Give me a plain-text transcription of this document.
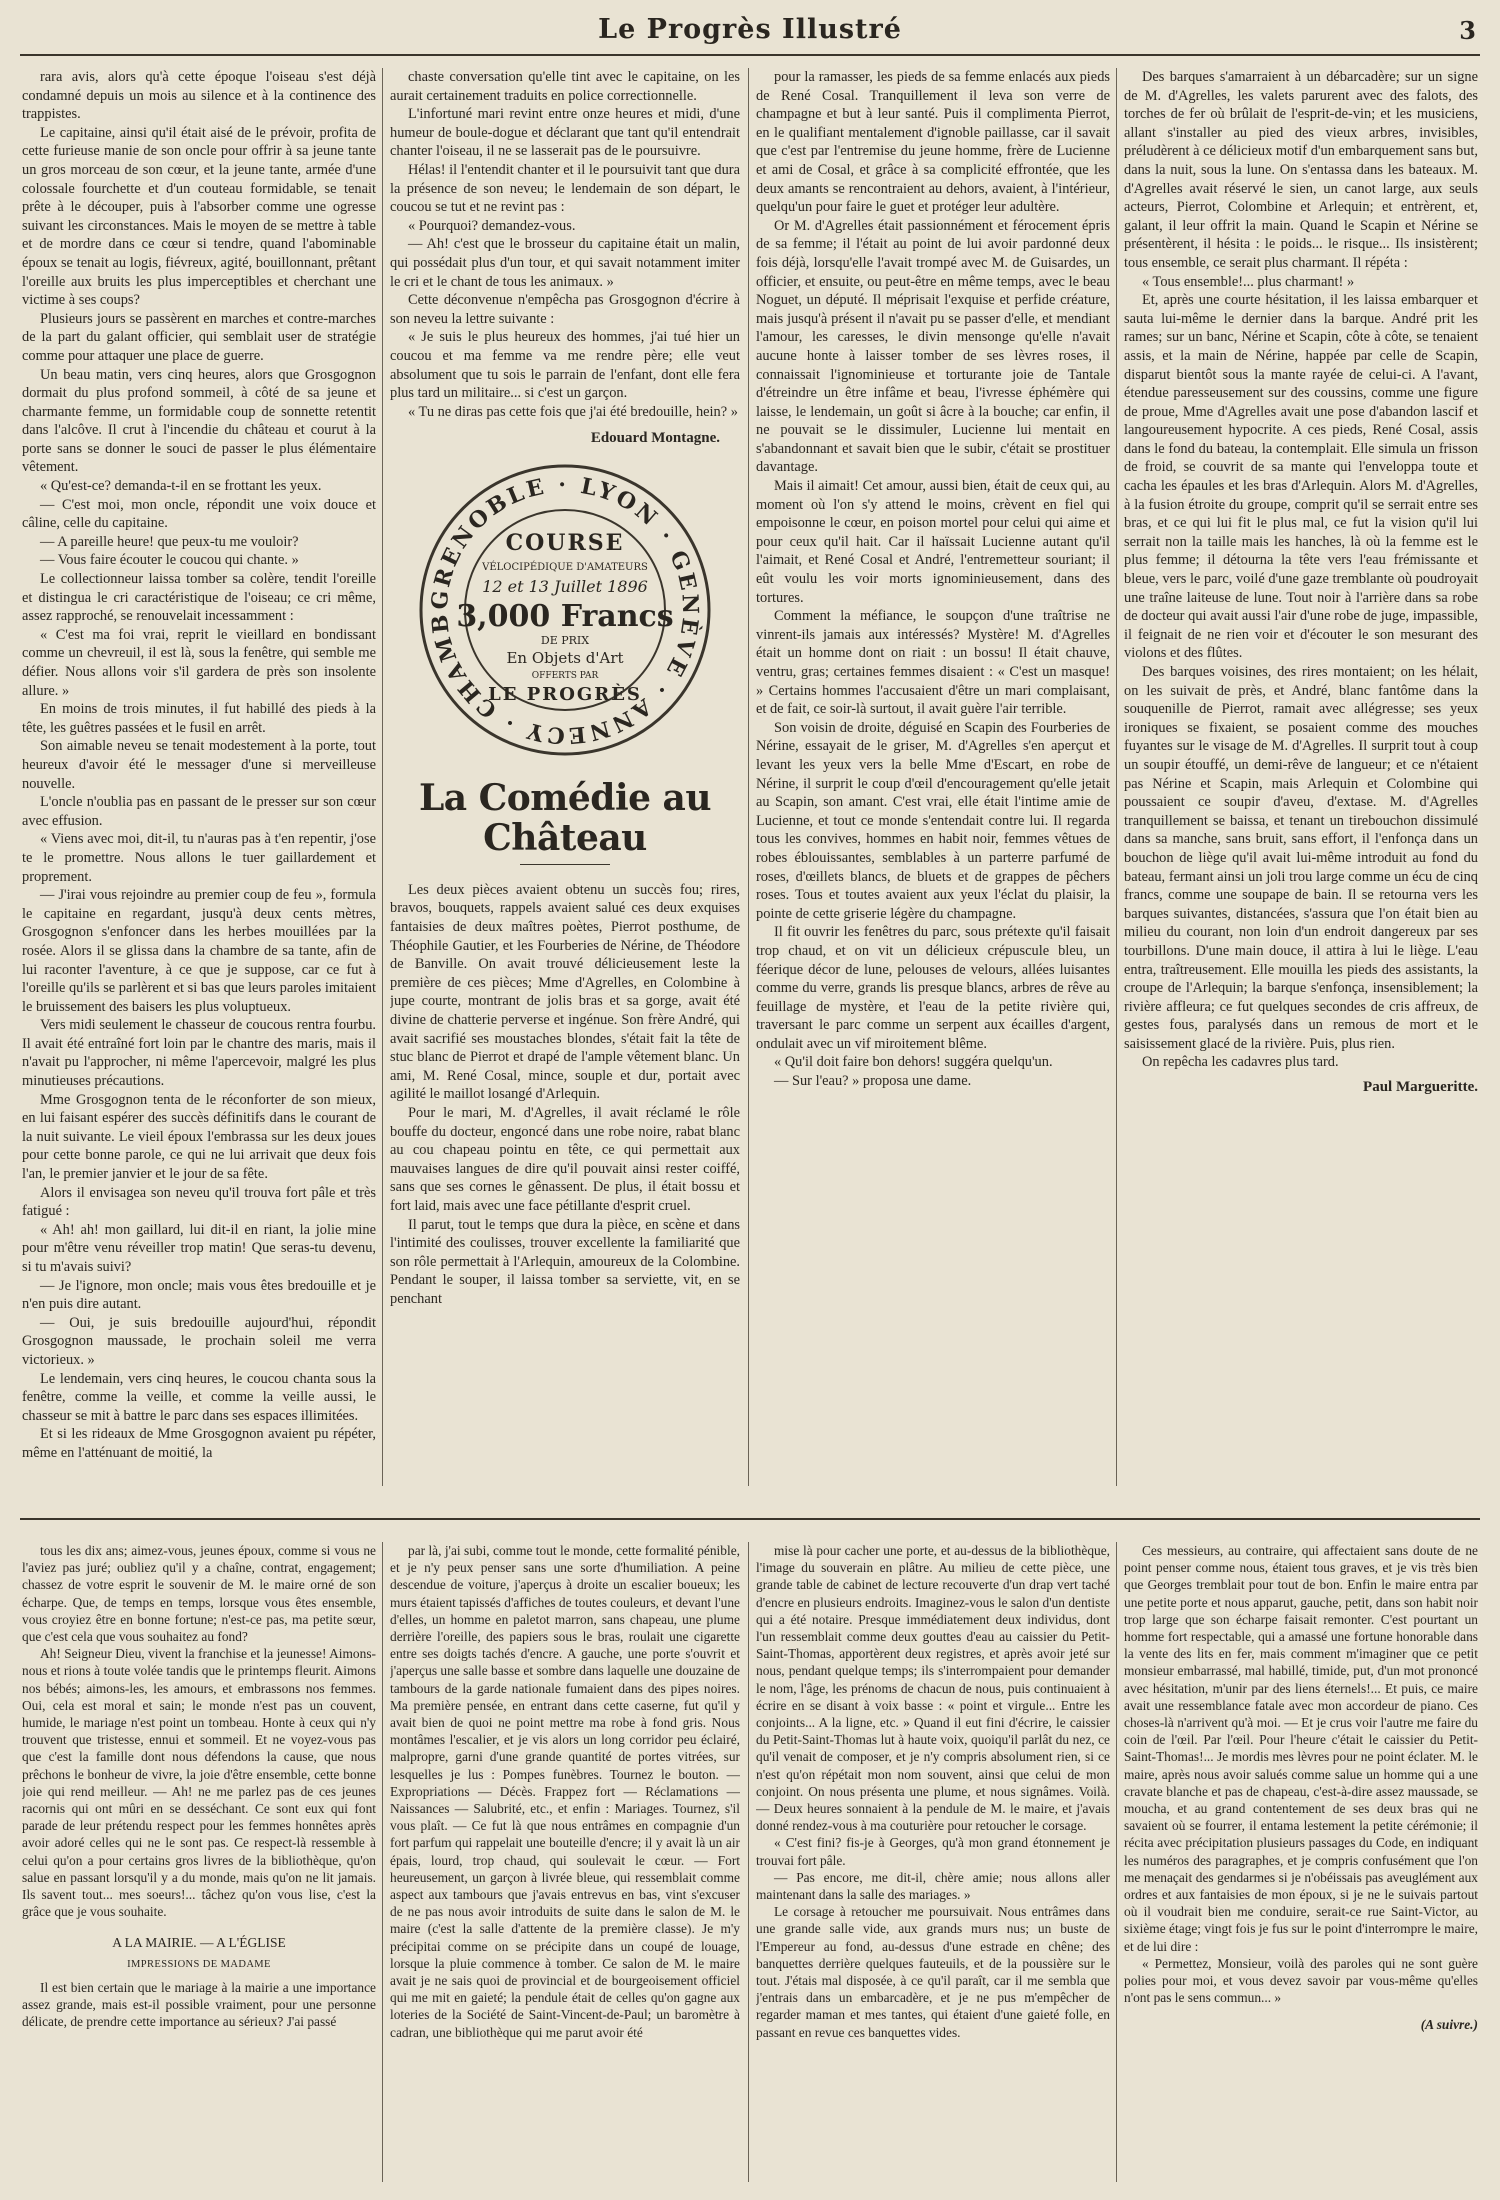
Le Progrès Illustré	3

rara avis, alors qu'à cette époque l'oiseau s'est déjà condamné depuis un mois au silence et à la continence des trappistes.

Le capitaine, ainsi qu'il était aisé de le prévoir, profita de cette furieuse manie de son oncle pour offrir à sa jeune tante un gros morceau de son cœur, et la jeune tante, armée d'une colossale fourchette et d'un couteau formidable, se tenait prête à le découper, puis à l'absorber comme une ogresse suivant les circonstances. Mais le moyen de se mettre à table et de mordre dans ce cœur si tendre, quand l'abominable époux se tenait au logis, fiévreux, agité, bouillonnant, prêtant l'oreille aux bruits les plus imperceptibles et cherchant une victime à ses coups?

Plusieurs jours se passèrent en marches et contre-marches de la part du galant officier, qui semblait user de stratégie comme pour attaquer une place de guerre.

Un beau matin, vers cinq heures, alors que Grosgognon dormait du plus profond sommeil, à côté de sa jeune et charmante femme, un formidable coup de sonnette retentit dans l'alcôve. Il crut à l'incendie du château et courut à la porte sans se donner le souci de passer le plus élémentaire vêtement.

« Qu'est-ce? demanda-t-il en se frottant les yeux.

— C'est moi, mon oncle, répondit une voix douce et câline, celle du capitaine.

— A pareille heure! que peux-tu me vouloir?

— Vous faire écouter le coucou qui chante. »

Le collectionneur laissa tomber sa colère, tendit l'oreille et distingua le cri caractéristique de l'oiseau; ce cri même, assez rapproché, se renouvelait incessamment :

« C'est ma foi vrai, reprit le vieillard en bondissant comme un chevreuil, il est là, sous la fenêtre, qui semble me défier. Nous allons voir s'il gardera de près son insolente allure. »

En moins de trois minutes, il fut habillé des pieds à la tête, les guêtres passées et le fusil en arrêt.

Son aimable neveu se tenait modestement à la porte, tout heureux d'avoir été le messager d'une si merveilleuse nouvelle.

L'oncle n'oublia pas en passant de le presser sur son cœur avec effusion.

« Viens avec moi, dit-il, tu n'auras pas à t'en repentir, j'ose te le promettre. Nous allons le tuer gaillardement et proprement.

— J'irai vous rejoindre au premier coup de feu », formula le capitaine en regardant, jusqu'à deux cents mètres, Grosgognon s'enfoncer dans les herbes mouillées par la rosée. Alors il se glissa dans la chambre de sa tante, afin de lui raconter l'aventure, à ce que je suppose, car ce fut à l'oreille qu'ils se parlèrent et si bas que leurs paroles imitaient le bruissement des baisers les plus voluptueux.

Vers midi seulement le chasseur de coucous rentra fourbu. Il avait été entraîné fort loin par le chantre des maris, mais il n'avait pu l'approcher, ni même l'apercevoir, malgré les plus minutieuses précautions.

Mme Grosgognon tenta de le réconforter de son mieux, en lui faisant espérer des succès définitifs dans le courant de la nuit suivante. Le vieil époux l'embrassa sur les deux joues pour cette bonne parole, ce qui ne lui arrivait que deux fois l'an, le premier janvier et le jour de sa fête.

Alors il envisagea son neveu qu'il trouva fort pâle et très fatigué :

« Ah! ah! mon gaillard, lui dit-il en riant, la jolie mine pour m'être venu réveiller trop matin! Que seras-tu devenu, si tu m'avais suivi?

— Je l'ignore, mon oncle; mais vous êtes bredouille et je n'en puis dire autant.

— Oui, je suis bredouille aujourd'hui, répondit Grosgognon maussade, le prochain soleil me verra victorieux. »

Le lendemain, vers cinq heures, le coucou chanta sous la fenêtre, comme la veille, et comme la veille aussi, le chasseur se mit à battre le parc dans ses espaces illimitées.

Et si les rideaux de Mme Grosgognon avaient pu répéter, même en l'atténuant de moitié, la

chaste conversation qu'elle tint avec le capitaine, on les aurait certainement traduits en police correctionnelle.

L'infortuné mari revint entre onze heures et midi, d'une humeur de boule-dogue et déclarant que tant qu'il entendrait chanter l'oiseau, il ne se lasserait pas de le poursuivre.

Hélas! il l'entendit chanter et il le poursuivit tant que dura la présence de son neveu; le lendemain de son départ, le coucou se tut et ne revint pas :

« Pourquoi? demandez-vous.

— Ah! c'est que le brosseur du capitaine était un malin, qui possédait plus d'un tour, et qui savait notamment imiter le cri et le chant de tous les animaux. »

Cette déconvenue n'empêcha pas Grosgognon d'écrire à son neveu la lettre suivante :

« Je suis le plus heureux des hommes, j'ai tué hier un coucou et ma femme va me rendre père; elle veut absolument que tu sois le parrain de l'enfant, dont elle fera plus tard un militaire... si c'est un garçon.

« Tu ne diras pas cette fois que j'ai été bredouille, hein? »

Edouard Montagne.
GRENOBLE · LYON · GENÈVE · ANNECY · CHAMB
COURSE
VÉLOCIPÉDIQUE D'AMATEURS
12 et 13 Juillet 1896
3,000 Francs
DE PRIX
En Objets d'Art
OFFERTS PAR
LE PROGRÈS
La Comédie au Château

Les deux pièces avaient obtenu un succès fou; rires, bravos, bouquets, rappels avaient salué ces deux exquises fantaisies de deux maîtres poètes, Pierrot posthume, de Théophile Gautier, et les Fourberies de Nérine, de Théodore de Banville. On avait trouvé délicieusement leste la première de ces pièces; Mme d'Agrelles, en Colombine à jupe courte, montrant de jolis bras et sa gorge, avait été divine de chatterie perverse et ingénue. Son frère André, qui avait sacrifié ses moustaches blondes, s'était fait la tête de stuc blanc de Pierrot et drapé de l'ample vêtement blanc. Un ami, M. René Cosal, mince, souple et dur, portait avec agilité le maillot losangé d'Arlequin.

Pour le mari, M. d'Agrelles, il avait réclamé le rôle bouffe du docteur, engoncé dans une robe noire, rabat blanc au cou chapeau pointu en tête, ce qui permettait aux mauvaises langues de dire qu'il pouvait ainsi rester coiffé, sans que ses cornes le gênassent. De plus, il était bossu et fort laid, mais avec une face pétillante d'esprit cruel.

Il parut, tout le temps que dura la pièce, en scène et dans l'intimité des coulisses, trouver excellente la familiarité que son rôle permettait à l'Arlequin, amoureux de la Colombine. Pendant le souper, il laissa tomber sa serviette, vit, en se penchant

pour la ramasser, les pieds de sa femme enlacés aux pieds de René Cosal. Tranquillement il leva son verre de champagne et but à leur santé. Puis il complimenta Pierrot, en le qualifiant mentalement d'ignoble paillasse, car il savait que c'est par l'entremise du jeune homme, frère de Lucienne et ami de Cosal, et grâce à sa complicité effrontée, que les deux amants se rencontraient au dehors, avaient, à l'intérieur, quelqu'un pour faire le guet et protéger leur adultère.

Or M. d'Agrelles était passionnément et férocement épris de sa femme; il l'était au point de lui avoir pardonné deux fois déjà, lorsqu'elle l'avait trompé avec M. de Guisardes, un officier, et ensuite, ou peut-être en même temps, avec le beau Noguet, un député. Il méprisait l'exquise et perfide créature, mais jusqu'à présent il n'avait pu se passer d'elle, et mendiant l'amour, les caresses, le divin mensonge qu'elle n'avait aucune honte à laisser tomber de ses lèvres roses, il connaissait l'ignominieuse et torturante joie de Tantale d'étreindre un être infâme et beau, l'ivresse éphémère qui laisse, le lendemain, un goût si âcre à la bouche; car enfin, il ne pouvait se le dissimuler, Lucienne lui mentait en s'abandonnant et savait bien que le subir, c'était se prostituer davantage.

Mais il aimait! Cet amour, aussi bien, était de ceux qui, au moment où l'on s'y attend le moins, crèvent en fiel qui empoisonne le cœur, en poison mortel pour celui qui aime et pour ceux qu'il hait. Car il haïssait Lucienne autant qu'il l'aimait, et René Cosal et André, l'entremetteur souriant; il eût voulu les voir morts ignominieusement, dans des tortures.

Comment la méfiance, le soupçon d'une traîtrise ne vinrent-ils jamais aux intéressés? Mystère! M. d'Agrelles était un homme dont on riait : un bossu! Il était chauve, ventru, gras; certaines femmes disaient : « C'est un masque! » Certains hommes l'accusaient d'être un mari complaisant, et de fait, ce soir-là surtout, il avait guère l'air terrible.

Son voisin de droite, déguisé en Scapin des Fourberies de Nérine, essayait de le griser, M. d'Agrelles s'en aperçut et levant les yeux vers la belle Mme d'Escart, en robe de Nérine, il surprit le coup d'œil d'encouragement qu'elle jetait au Scapin, son amant. C'est vrai, elle était l'intime amie de Lucienne, et tout ce monde s'entendait contre lui. Il regarda tous les convives, hommes en habit noir, femmes vêtues de robes éblouissantes, semblables à un parterre parfumé de roses, d'œillets blancs, de bluets et de grappes de pêchers roses. Tous et toutes avaient aux yeux l'éclat du plaisir, la pointe de cette griserie légère du champagne.

Il fit ouvrir les fenêtres du parc, sous prétexte qu'il faisait trop chaud, et on vit un délicieux crépuscule bleu, un féerique décor de lune, pelouses de velours, allées luisantes comme du verre, grands lis presque blancs, arbres de rêve au feuillage de mystère, et l'eau de la petite rivière qui, traversant le parc comme un serpent aux écailles d'argent, ondulait avec un vif miroitement blême.

« Qu'il doit faire bon dehors! suggéra quelqu'un.

— Sur l'eau? » proposa une dame.

Des barques s'amarraient à un débarcadère; sur un signe de M. d'Agrelles, les valets parurent avec des falots, des torches de fer où brûlait de l'esprit-de-vin; et les musiciens, allant s'installer au pied des vieux arbres, invisibles, préludèrent à ce délicieux motif d'un embarquement sans but, dans la nuit, sous la lune. On s'entassa dans les bateaux. M. d'Agrelles avait réservé le sien, un canot large, aux seuls acteurs, Pierrot, Colombine et Arlequin; et entrèrent, et, galant, il leur offrit la main. Quand le Scapin et Nérine se présentèrent, il hésita : le poids... le risque... Ils insistèrent; tous ensemble, ce serait plus charmant. Il répéta :

« Tous ensemble!... plus charmant! »

Et, après une courte hésitation, il les laissa embarquer et sauta lui-même le dernier dans la barque. André prit les rames; sur un banc, Nérine et Scapin, côte à côte, se tenaient assis, et la main de Nérine, happée par celle de Scapin, disparut bientôt sous la mante rayée de celui-ci. A l'avant, étendue paresseusement sur des coussins, comme une figure de proue, Mme d'Agrelles avait une pose d'abandon lascif et langoureusement hypocrite. A ces pieds, René Cosal, assis dans le fond du bateau, la contemplait. Elle simula un frisson de froid, se couvrit de sa mante qui l'enveloppa toute et cacha les épaules et les bras d'Arlequin. Alors M. d'Agrelles, à la fusion étroite du groupe, comprit qu'il se serrait entre ses bras, et ce qui lui fit le plus mal, ce fut la vision qu'il lui serrait non la taille mais les hanches, là où la femme est le plus femme; il détourna la tête vers l'eau frémissante et bleue, vers le parc, voilé d'une gaze tremblante où poudroyait une traîne laiteuse de lune. Tout noir à l'arrière dans sa robe de docteur qui avait aussi l'air d'une robe de juge, impassible, il feignait de ne rien voir et d'écouter le son mesurant des violons et des flûtes.

Des barques voisines, des rires montaient; on les hélait, on les suivait de près, et André, blanc fantôme dans la souquenille de Pierrot, ramait avec allégresse; ses yeux ironiques se fixaient, se posaient comme des mouches fuyantes sur le visage de M. d'Agrelles. Il surprit tout à coup un soupir étouffé, un demi-rêve de langueur; et ce n'étaient pas Nérine et Scapin, mais Arlequin et Colombine qui poussaient ce soupir d'aveu, d'extase. M. d'Agrelles tranquillement se baissa, et tenant un tirebouchon dissimulé dans sa manche, sans bruit, sans effort, il l'enfonça dans un bouchon de liège qu'il avait lui-même introduit au fond du bateau, fermant ainsi un joli trou large comme un écu de cinq francs, comme une soupape de bain. Il se retourna vers les barques suivantes, distancées, s'assura que l'on était bien au milieu du courant, non loin d'un endroit dangereux par ses tourbillons. D'une main douce, il attira à lui le liège. L'eau entra, traîtreusement. Elle mouilla les pieds des assistants, la croupe de l'Arlequin; la barque s'enfonça, insensiblement; la rivière affleura; ce fut quelques secondes de cris affreux, de gestes fous, paralysés dans un remous de mort et le saisissement glacé de la rivière. Puis, plus rien.

On repêcha les cadavres plus tard.

Paul Margueritte.

tous les dix ans; aimez-vous, jeunes époux, comme si vous ne l'aviez pas juré; oubliez qu'il y a chaîne, contrat, engagement; chassez de votre esprit le souvenir de M. le maire orné de son écharpe. Que, de temps en temps, lorsque vous êtes ensemble, vous croyiez être en bonne fortune; n'est-ce pas, ma petite sœur, que c'est cela que vous souhaitez au fond?

Ah! Seigneur Dieu, vivent la franchise et la jeunesse! Aimons-nous et rions à toute volée tandis que le printemps fleurit. Aimons nos bébés; aimons-les, les amours, et embrassons nos femmes. Oui, cela est moral et sain; le monde n'est pas un couvent, humide, le mariage n'est point un tombeau. Honte à ceux qui n'y trouvent que tristesse, ennui et sommeil. Et ne voyez-vous pas que c'est la famille dont nous défendons la cause, que nous prêchons le bonheur de vivre, la joie d'être ensemble, cette bonne joie qui rend meilleur. — Ah! ne me parlez pas de ces jeunes racornis qui ont mûri en se desséchant. Ce sont eux qui font parade de leur prétendu respect pour les femmes honnêtes après avoir adoré celles qui ne le sont pas. Ce respect-là ressemble à celui qu'on a pour certains gros livres de la bibliothèque, qu'on salue en passant lorsqu'il y a du monde, mais qu'on ne lit jamais. Ils savent tout... mes soeurs!... tâchez qu'on vous lise, c'est la grâce que je vous souhaite.

A LA MAIRIE. — A L'ÉGLISE
IMPRESSIONS DE MADAME

Il est bien certain que le mariage à la mairie a une importance assez grande, mais est-il possible vraiment, pour une personne délicate, de prendre cette importance au sérieux? J'ai passé

par là, j'ai subi, comme tout le monde, cette formalité pénible, et je n'y peux penser sans une sorte d'humiliation. A peine descendue de voiture, j'aperçus à droite un escalier boueux; les murs étaient tapissés d'affiches de toutes couleurs, et devant l'une d'elles, un homme en paletot marron, sans chapeau, une plume derrière l'oreille, des papiers sous le bras, roulait une cigarette entre ses doigts tachés d'encre. A gauche, une porte s'ouvrit et j'aperçus une salle basse et sombre dans laquelle une douzaine de tambours de la garde nationale fumaient dans des pipes noires. Ma première pensée, en entrant dans cette caserne, fut qu'il y avait bien de quoi ne point mettre ma robe à fond gris. Nous montâmes l'escalier, et je vis alors un long corridor peu éclairé, malpropre, garni d'une grande quantité de portes vitrées, sur lesquelles je lus : Pompes funèbres. Tournez le bouton. — Expropriations — Décès. Frappez fort — Réclamations — Naissances — Salubrité, etc., et enfin : Mariages. Tournez, s'il vous plaît. — Ce fut là que nous entrâmes en compagnie d'un fort parfum qui rappelait une bouteille d'encre; il y avait là un air épais, lourd, trop chaud, qui soulevait le cœur. — Fort heureusement, un garçon à livrée bleue, qui ressemblait comme aspect aux tambours que j'avais entrevus en bas, vint s'excuser de ne pas nous avoir introduits de suite dans le salon de M. le maire (c'est la salle d'attente de la première classe). Je m'y précipitai comme on se précipite dans un coupé de louage, lorsque la pluie commence à tomber. Ce salon de M. le maire avait je ne sais quoi de provincial et de bourgeoisement officiel qui me mit en gaieté; la pendule était de celles qu'on gagne aux loteries de la Société de Saint-Vincent-de-Paul; un baromètre à cadran, une bibliothèque qui me parut avoir été

mise là pour cacher une porte, et au-dessus de la bibliothèque, l'image du souverain en plâtre. Au milieu de cette pièce, une grande table de cabinet de lecture recouverte d'un drap vert taché d'encre en plusieurs endroits. Imaginez-vous le salon d'un dentiste qui a été notaire. Presque immédiatement deux individus, dont l'un ressemblait comme deux gouttes d'eau au caissier du Petit-Saint-Thomas, apportèrent deux registres, et après avoir jeté sur nous, pendant quelque temps; ils s'interrompaient pour demander le nom, l'âge, les prénoms de chacun de nous, puis continuaient à écrire en se disant à voix basse : « point et virgule... Entre les conjoints... A la ligne, etc. » Quand il eut fini d'écrire, le caissier du Petit-Saint-Thomas lut à haute voix, quoiqu'il parlât du nez, ce qu'il venait de composer, et je n'y compris absolument rien, si ce n'est qu'on répétait mon nom souvent, ainsi que celui de mon conjoint. On nous présenta une plume, et nous signâmes. Voilà. — Deux heures sonnaient à la pendule de M. le maire, et j'avais donné rendez-vous à ma couturière pour retoucher le corsage.

« C'est fini? fis-je à Georges, qu'à mon grand étonnement je trouvai fort pâle.

— Pas encore, me dit-il, chère amie; nous allons aller maintenant dans la salle des mariages. »

Le corsage à retoucher me poursuivait. Nous entrâmes dans une grande salle vide, aux grands murs nus; un buste de l'Empereur au fond, au-dessus d'une estrade en chêne; des banquettes derrière quelques fauteuils, et de la poussière sur le tout. J'étais mal disposée, à ce qu'il paraît, car il me sembla que j'entrais dans un embarcadère, et je ne pus m'empêcher de regarder maman et mes tantes, qui étaient d'une gaieté folle, en passant en revue ces banquettes vides.

Ces messieurs, au contraire, qui affectaient sans doute de ne point penser comme nous, étaient tous graves, et je vis très bien que Georges tremblait pour tout de bon. Enfin le maire entra par une petite porte et nous apparut, gauche, petit, dans son habit noir trop large que son écharpe faisait remonter. C'est pourtant un homme fort respectable, qui a amassé une fortune honorable dans la vente des lits en fer, mais comment m'imaginer que ce petit monsieur embarrassé, mal habillé, timide, put, d'un mot prononcé avec hésitation, m'unir par des liens éternels!... Et puis, ce maire avait une ressemblance fatale avec mon accordeur de piano. Ces choses-là n'arrivent qu'à moi. — Et je crus voir l'autre me faire du coin de l'œil. Par l'œil. Pour l'heure c'était le caissier du Petit-Saint-Thomas!... Je mordis mes lèvres pour ne point éclater. M. le maire, après nous avoir salués comme salue un homme qui a une cravate blanche et pas de chapeau, c'est-à-dire assez maussade, se moucha, et au grand contentement de ses deux bras qui ne savaient où se fourrer, il entama lestement la petite cérémonie; il récita avec précipitation plusieurs passages du Code, en indiquant les numéros des paragraphes, et je compris confusément que l'on me menaçait des gendarmes si je n'obéissais pas aveuglément aux ordres et aux fantaisies de mon époux, si je ne le suivais partout où il voudrait bien me conduire, serait-ce rue Saint-Victor, au sixième étage; vingt fois je fus sur le point d'interrompre le maire, et de lui dire :

« Permettez, Monsieur, voilà des paroles qui ne sont guère polies pour moi, et vous devez savoir par vous-même qu'elles n'ont pas le sens commun... »

(A suivre.)
